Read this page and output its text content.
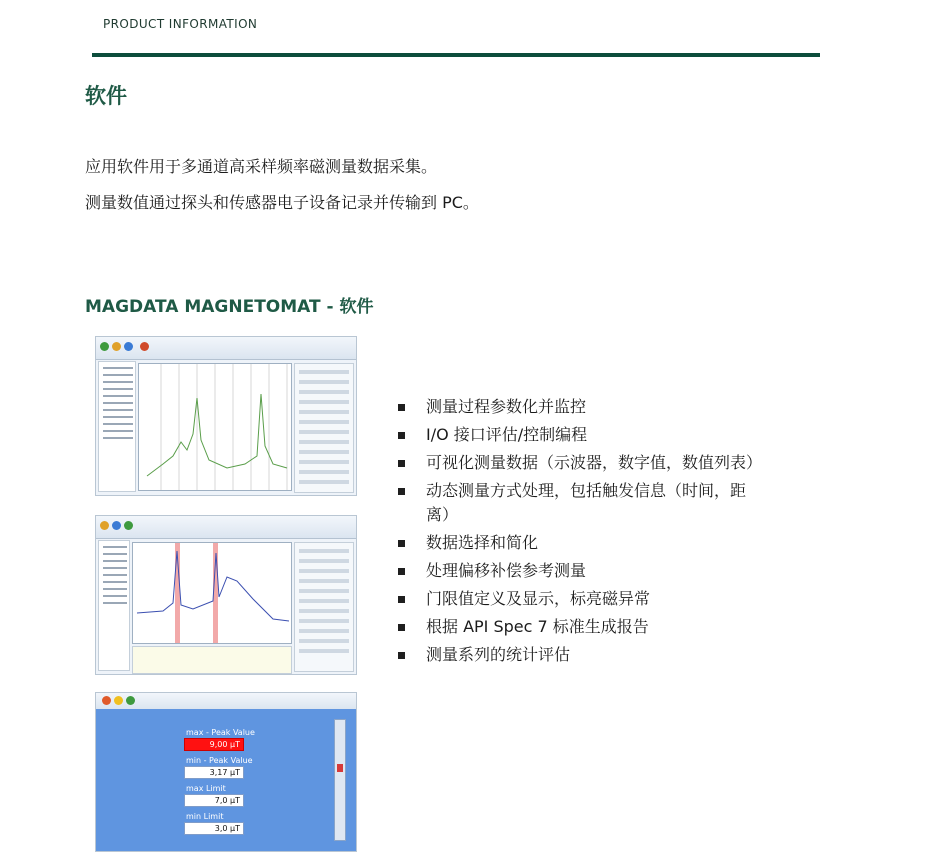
PRODUCT INFORMATION
软件
应用软件用于多通道高采样频率磁测量数据采集。
测量数值通过探头和传感器电子设备记录并传输到 PC。
MAGDATA MAGNETOMAT - 软件
max - Peak Value
9,00 µT
min - Peak Value
3,17 µT
max Limit
7,0 µT
min Limit
3,0 µT
测量过程参数化并监控
I/O 接口评估/控制编程
可视化测量数据（示波器，数字值，数值列表）
动态测量方式处理，包括触发信息（时间，距离）
数据选择和简化
处理偏移补偿参考测量
门限值定义及显示，标亮磁异常
根据 API Spec 7 标准生成报告
测量系列的统计评估
